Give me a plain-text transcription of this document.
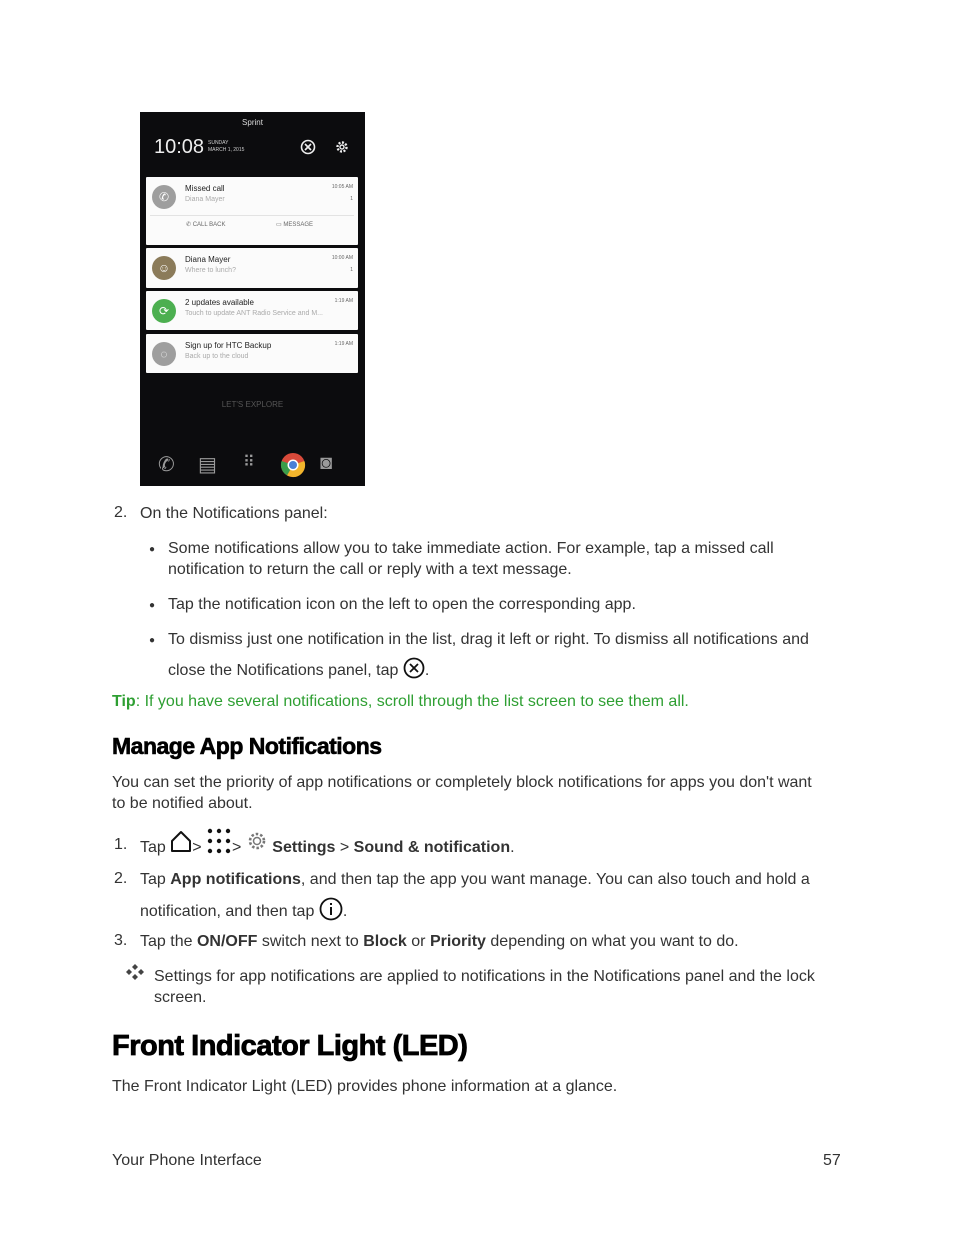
Sprint
10:08 SUNDAY
MARCH 1, 2015
✆
Missed call
Diana Mayer
10:05 AM
1
✆ CALL BACK	▭ MESSAGE
☺
Diana Mayer
Where to lunch?
10:00 AM
1
⟳
2 updates available
Touch to update ANT Radio Service and M...
1:19 AM
◌
Sign up for HTC Backup
Back up to the cloud
1:19 AM
LET'S EXPLORE
✆ ▤ ⠿	◙
2. On the Notifications panel:
● Some notifications allow you to take immediate action. For example, tap a missed call
notification to return the call or reply with a text message.
● Tap the notification icon on the left to open the corresponding app.
● To dismiss just one notification in the list, drag it left or right. To dismiss all notifications and
close the Notifications panel, tap .
Tip: If you have several notifications, scroll through the list screen to see them all.
Manage App Notifications
You can set the priority of app notifications or completely block notifications for apps you don't want
to be notified about.
1. Tap > > Settings > Sound & notification.
2. Tap App notifications, and then tap the app you want manage. You can also touch and hold a
notification, and then tap .
3. Tap the ON/OFF switch next to Block or Priority depending on what you want to do.
Settings for app notifications are applied to notifications in the Notifications panel and the lock
screen.
Front Indicator Light (LED)
The Front Indicator Light (LED) provides phone information at a glance.
Your Phone Interface	57
